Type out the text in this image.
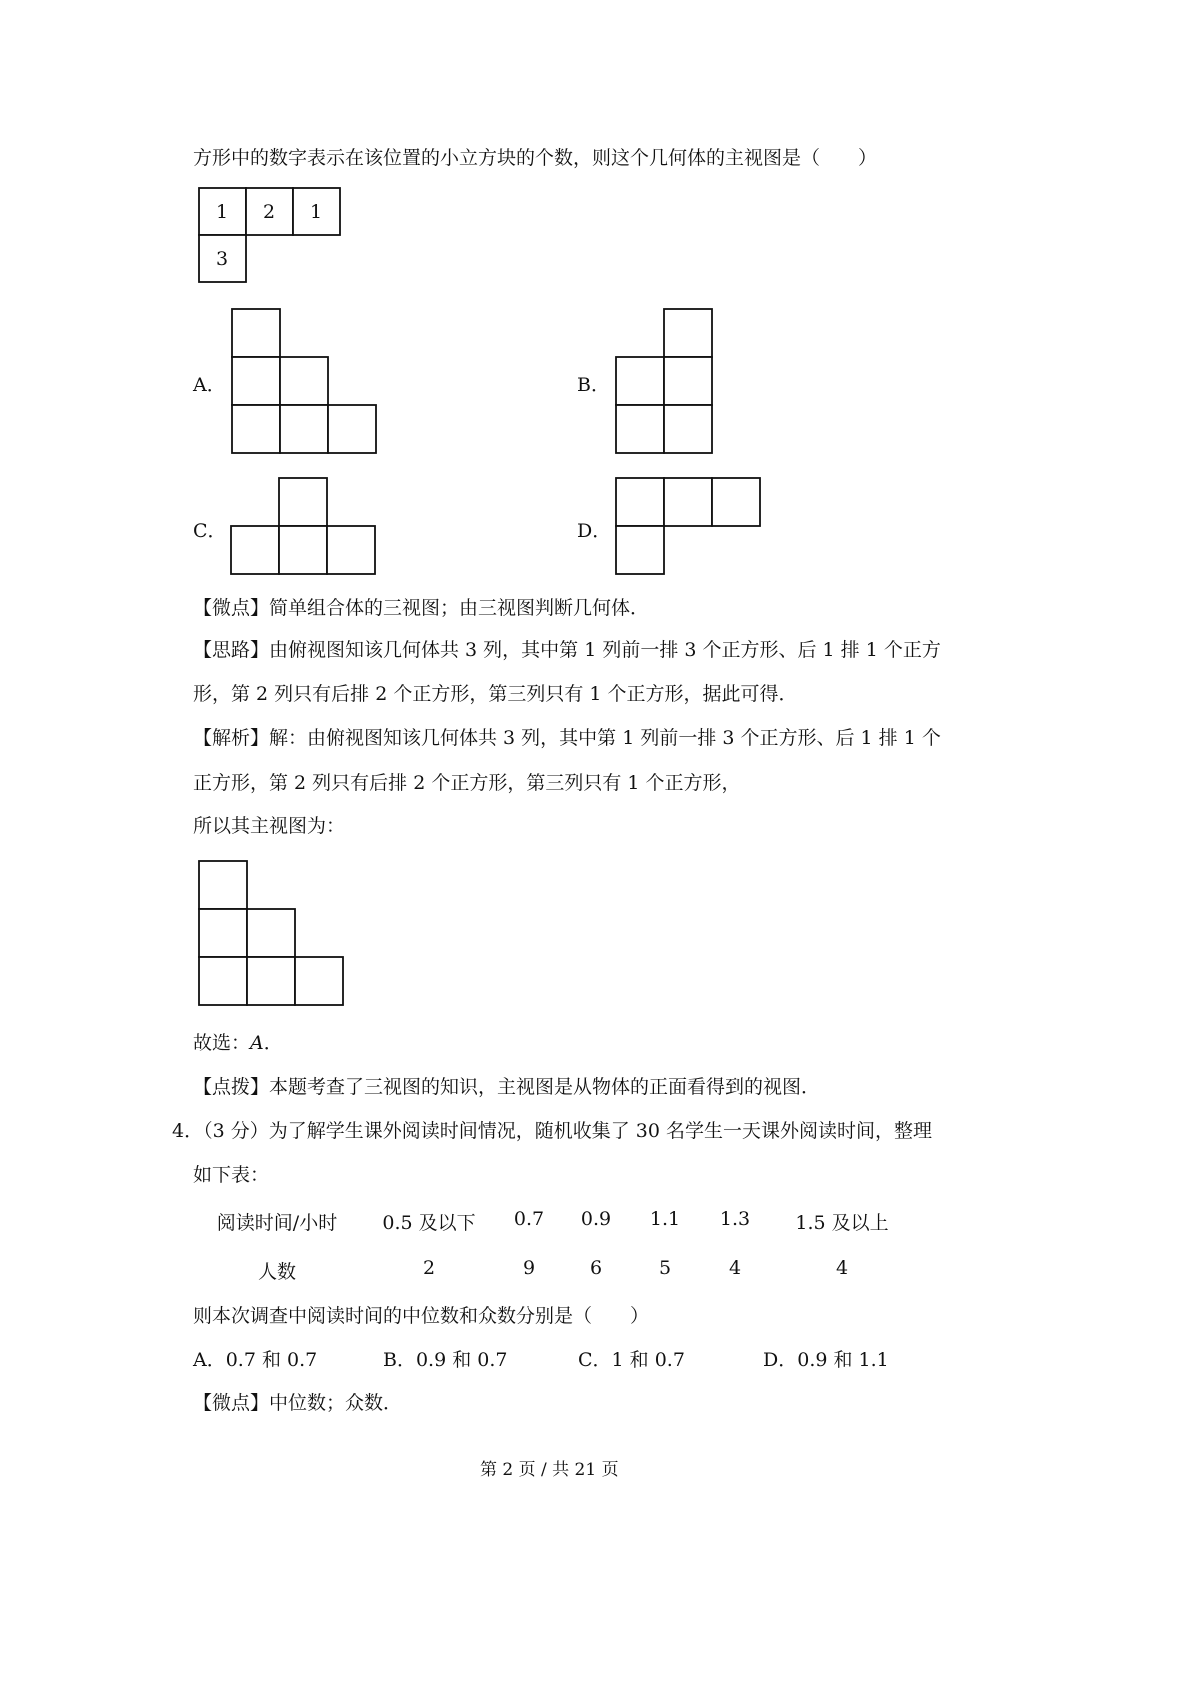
方形中的数字表示在该位置的小立方块的个数，则这个几何体的主视图是（　　）
1 2 1
3
A．	B．
C．	D．
【微点】简单组合体的三视图；由三视图判断几何体．
【思路】由俯视图知该几何体共 3 列，其中第 1 列前一排 3 个正方形、后 1 排 1 个正方
形，第 2 列只有后排 2 个正方形，第三列只有 1 个正方形，据此可得．
【解析】解：由俯视图知该几何体共 3 列，其中第 1 列前一排 3 个正方形、后 1 排 1 个
正方形，第 2 列只有后排 2 个正方形，第三列只有 1 个正方形，
所以其主视图为：
故选：A．
【点拨】本题考查了三视图的知识，主视图是从物体的正面看得到的视图．
4．（3 分）为了解学生课外阅读时间情况，随机收集了 30 名学生一天课外阅读时间，整理
如下表：
阅读时间/小时 0.5 及以下 0.7 0.9 1.1 1.3 1.5 及以上
人数	2	9	6	5	4	4
则本次调查中阅读时间的中位数和众数分别是（　　）
A．0.7 和 0.7	B．0.9 和 0.7	C．1 和 0.7	D．0.9 和 1.1
【微点】中位数；众数．
第 2 页 / 共 21 页
